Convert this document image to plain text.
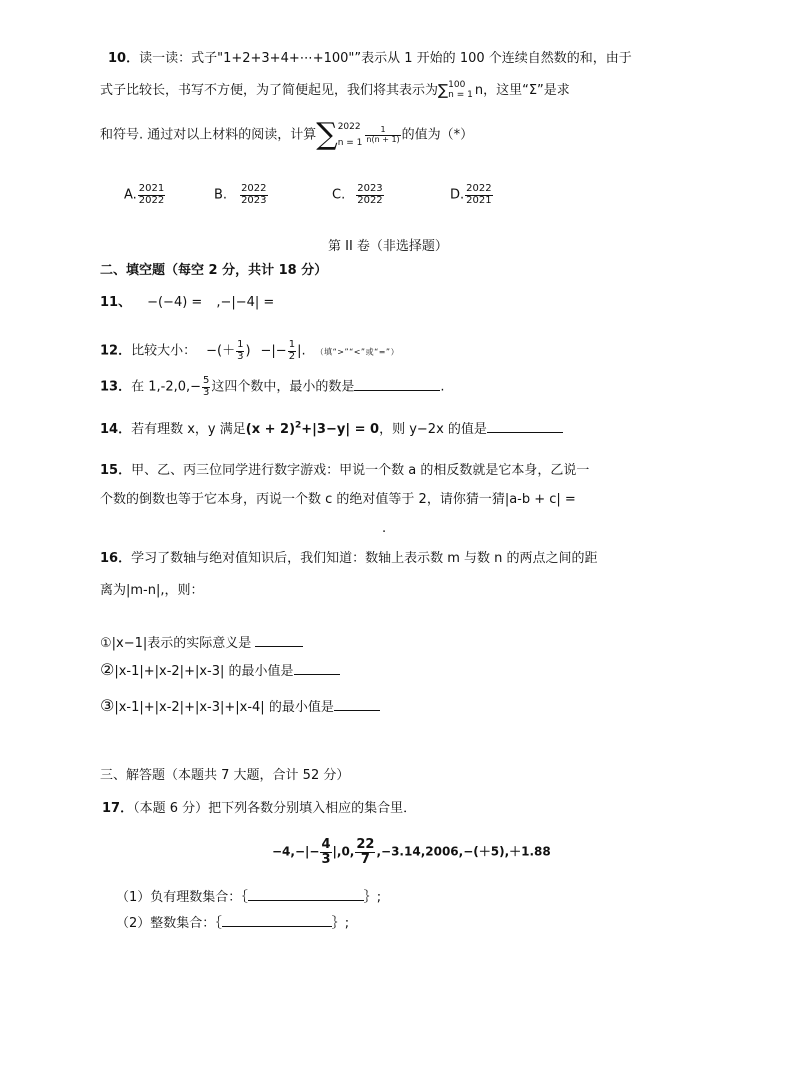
10．读一读：式子"1+2+3+4+⋯+100"”表示从 1 开始的 100 个连续自然数的和，由于
式子比较长，书写不方便，为了简便起见，我们将其表示为∑ 100
n = 1 n，这里“Σ”是求
和符号. 通过对以上材料的阅读，计算∑ 2022
$n = 1 \frac{1}{n(n + 1)}$ 的值为（*）
A. $\frac{2021}{2022}$	B. $\frac{2022}{2023}$	C. $\frac{2023}{2022}$	D. $\frac{2022}{2021}$
第 II 卷（非选择题）
二、填空题（每空 2 分，共计 18 分）
11、 −(−4) = ,−|−4| =
12．比较大小： −(＋ $\frac{1}{3}$ ) −|− $\frac{1}{2}$ |. （填“>”“<”或“=”）
13．在 $1,-2,0,- \frac{5}{3}$ 这四个数中，最小的数是	.
14．若有理数 x，y 满足$(x + 2)^2+|3-y| = 0$，则 y−2x 的值是
15．甲、乙、丙三位同学进行数字游戏：甲说一个数 a 的相反数就是它本身，乙说一
个数的倒数也等于它本身，丙说一个数 c 的绝对值等于 2，请你猜一猜|a-b + c| =
.
16．学习了数轴与绝对值知识后，我们知道：数轴上表示数 m 与数 n 的两点之间的距
离为|m-n|,，则：
①|x−1|表示的实际意义是
②|x-1|+|x-2|+|x-3| 的最小值是
③|x-1|+|x-2|+|x-3|+|x-4| 的最小值是
三、解答题（本题共 7 大题，合计 52 分）
17．（本题 6 分）把下列各数分别填入相应的集合里．
$-4,-|- \frac{4}{3} |,0$, $\frac{22}{7} ,-3.14,2006,-(+5),+1.88$
（1）负有理数集合：｛	｝;
（2）整数集合：｛	｝;
